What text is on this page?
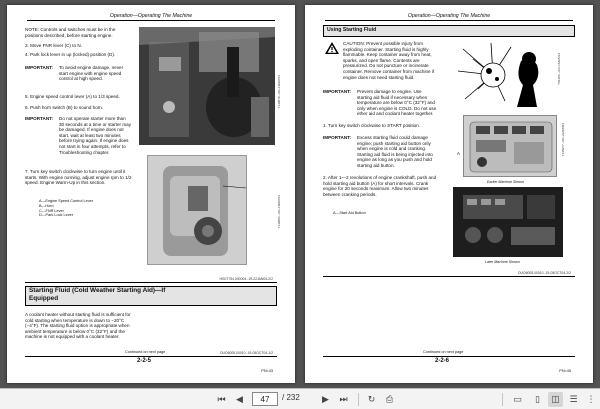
Operation—Operating The Machine
NOTE: Controls and switches must be in the positions described, before starting engine.
3. Move FNR lever (C) to N.
4. Park lock lever in up (locked) position (D).
IMPORTANT: To avoid engine damage, never start engine with engine speed control at high speed.
5. Engine speed control lever (A) to 1/3 speed.
6. Push horn switch (B) to sound horn.
IMPORTANT: Do not operate starter more than 30 seconds at a time or starter may be damaged. If engine does not start, wait at least two minutes before trying again. If engine does not start in four attempts, refer to Troubleshooting chapter.
7. Turn key switch clockwise to turn engine until it starts. With engine running, adjust engine rpm to 1/2 speed. Engine Warm-Up in this section.
A—Engine Speed Control Lever
B—Horn
C—FNR Lever
D—Park Lock Lever
T149579 –UN–12MAY04
T149583 –UN–10MAY04
HG07754,000004 -19-22JAN04-2/2
Starting Fluid (Cold Weather Starting Aid)—If Equipped
A coolant heater without starting fluid is sufficient for cold starting when temperature is down to −20°C (−4°F). The starting fluid option is appropriate when ambient temperature is below 0°C (32°F) and the machine is not equipped with a coolant heater.
Continued on next page	OUO6005,00010 -19-05OCT04-1/2
2-2-5
PN=43
Operation—Operating The Machine
Using Starting Fluid
CAUTION: Prevent possible injury from exploding container. Starting fluid is highly flammable. Keep container away from heat, sparks, and open flame. Contents are pressurized. Do not puncture or incinerate container. Remove container from machine if engine does not need starting fluid.
IMPORTANT: Prevent damage to engine. Use starting aid fluid if necessary when temperature are below 0°C (32°F) and only when engine is COLD. Do not use ether aid and coolant heater together.
1. Turn key switch clockwise to START position.
IMPORTANT: Excess starting fluid could damage engine; push starting aid button only when engine is cold and cranking. Starting aid fluid is being injected into engine as long as you push and hold starting aid button.
2. After 1—2 revolutions of engine crankshaft, push and hold starting aid button (A) for short intervals. Crank engine for 20 seconds maximum. Allow two minutes between cranking periods.
A—Start Aid Button
TS1356 –UN–15APR13
A
Earlier Machine Shown
T145977 –UN–22APR04
Later Machine Shown
OUO6005,00010 -19-05OCT04-2/2
Continued on next page
2-2-6
PN=45
⏮	◀
47	/ 232	▶	⏭	↻	⎙	▭	▯	◫	☰ ⋮
